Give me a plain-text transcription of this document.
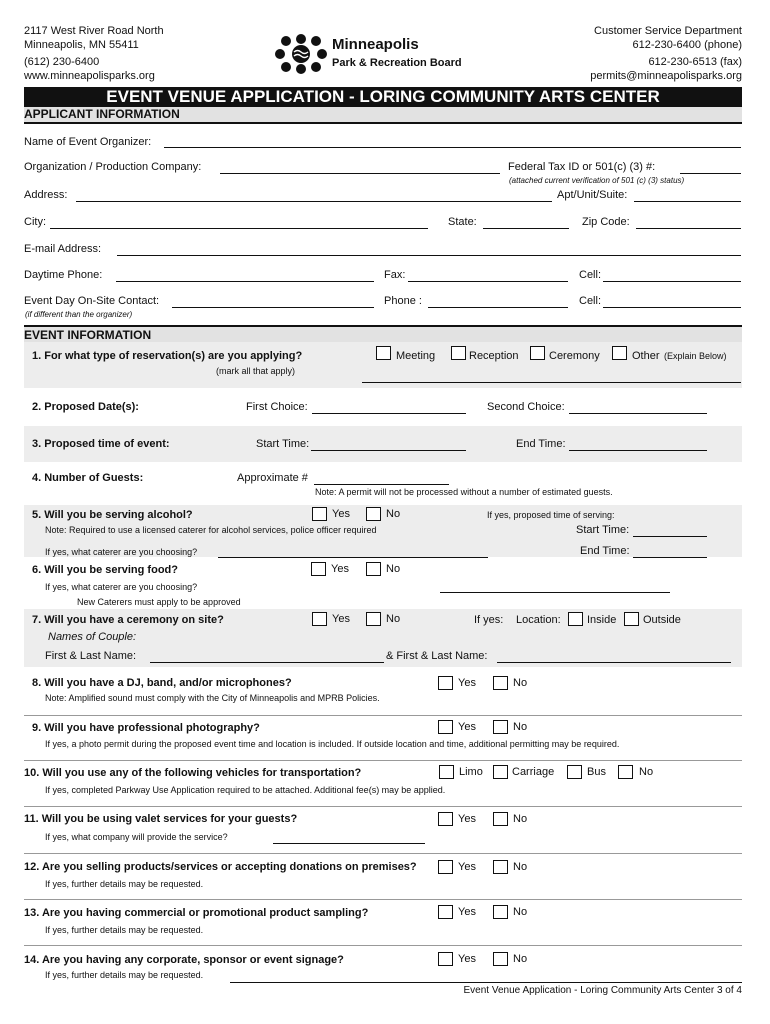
2117 West River Road North
Minneapolis, MN 55411
(612) 230-6400
www.minneapolisparks.org
Minneapolis
Park & Recreation Board
Customer Service Department
612-230-6400 (phone)
612-230-6513 (fax)
permits@minneapolisparks.org
EVENT VENUE APPLICATION - LORING COMMUNITY ARTS CENTER
APPLICANT INFORMATION
Name of Event Organizer:
Organization / Production Company:	Federal Tax ID or 501(c) (3) #:
(attached current verification of 501 (c) (3) status)
Address:	Apt/Unit/Suite:
City:	State:	Zip Code:
E-mail Address:
Daytime Phone:	Fax:	Cell:
Event Day On-Site Contact:	Phone :	Cell:
(if different than the organizer)
EVENT INFORMATION
1. For what type of reservation(s) are you applying?
(mark all that apply)
Meeting	Reception	Ceremony	Other (Explain Below)
2. Proposed Date(s):	First Choice:	Second Choice:
3. Proposed time of event:	Start Time:	End Time:
4. Number of Guests:	Approximate #
Note: A permit will not be processed without a number of estimated guests.
5. Will you be serving alcohol?	Yes	No	If yes, proposed time of serving:
Note: Required to use a licensed caterer for alcohol services, police officer required	Start Time:
If yes, what caterer are you choosing?	End Time:
6. Will you be serving food?	Yes	No
If yes, what caterer are you choosing?
New Caterers must apply to be approved
7. Will you have a ceremony on site?	Yes	No	If yes: Location: Inside Outside
Names of Couple:
First & Last Name:	& First & Last Name:
8. Will you have a DJ, band, and/or microphones?
Note: Amplified sound must comply with the City of Minneapolis and MPRB Policies.
Yes	No
9. Will you have professional photography?	Yes	No
If yes, a photo permit during the proposed event time and location is included. If outside location and time, additional permitting may be required.
10. Will you use any of the following vehicles for transportation?	Limo	Carriage	Bus	No
If yes, completed Parkway Use Application required to be attached. Additional fee(s) may be applied.
11. Will you be using valet services for your guests?	Yes	No
If yes, what company will provide the service?
12. Are you selling products/services or accepting donations on premises?	Yes	No
If yes, further details may be requested.
13. Are you having commercial or promotional product sampling?	Yes	No
If yes, further details may be requested.
14. Are you having any corporate, sponsor or event signage?	Yes	No
If yes, further details may be requested.
Event Venue Application - Loring Community Arts Center 3 of 4
